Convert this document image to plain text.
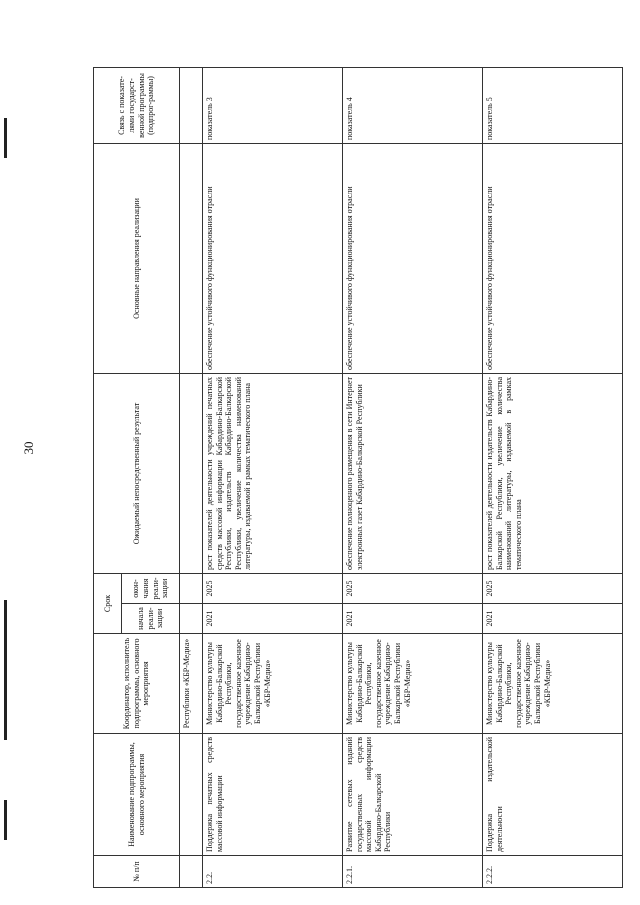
30
№ п/п	Наименование подпрограммы, основного мероприятия	Координатор, исполнитель подпрограммы, основного мероприятия	Срок		Ожидаемый непосредственный результат	Основные направления реализации	Связь с показате-лями государст-венной программы (подпрог-раммы)
			начала реали-зации	окон-чания реали-зации			
		Республики «КБР-Медиа»					
2.2.	Поддержка печатных средств массовой информации	Министерство культуры Кабардино-Балкарской Республики, государственное казенное учреждение Кабардино-Балкарской Республики «КБР-Медиа»	2021	2025	рост показателей деятельности учреждений печатных средств массовой информации Кабардино-Балкарской Республики, издательств Кабардино-Балкарской Республики, увеличение количества наименований литературы, издаваемой в рамках тематического плана	обеспечение устойчивого функционирования отрасли	показатель 3
2.2.1.	Развитие сетевых изданий государственных средств массовой информации Кабардино-Балкарской Республики	Министерство культуры Кабардино-Балкарской Республики, государственное казенное учреждение Кабардино-Балкарской Республики «КБР-Медиа»	2021	2025	обеспечение полноценного размещения в сети Интернет электронных газет Кабардино-Балкарской Республики	обеспечение устойчивого функционирования отрасли	показатель 4
2.2.2.	Поддержка издательской деятельности	Министерство культуры Кабардино-Балкарской Республики, государственное казенное учреждение Кабардино-Балкарской Республики «КБР-Медиа»	2021	2025	рост показателей деятельности издательств Кабардино-Балкарской Республики, увеличение количества наименований литературы, издаваемой в рамках тематического плана	обеспечение устойчивого функционирования отрасли	показатель 5
